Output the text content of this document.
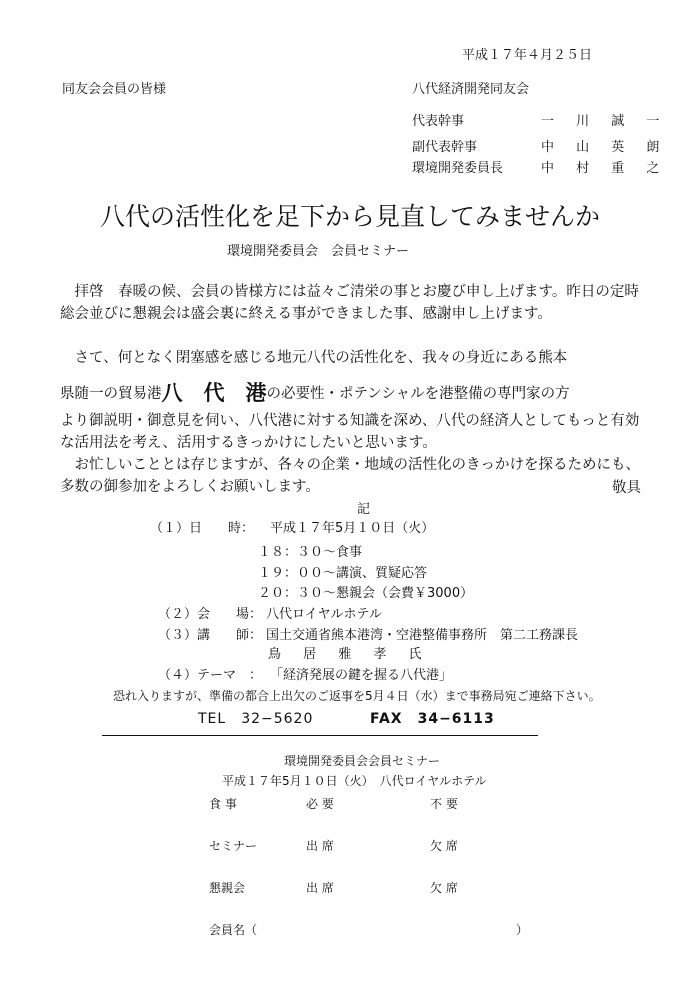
平成１７年４月２５日
同友会会員の皆様	八代経済開発同友会
代表幹事	一 川 誠 一
副代表幹事	中 山 英 朗
環境開発委員長	中 村 重 之
八代の活性化を足下から見直してみませんか
環境開発委員会　会員セミナー
　拝啓　春暖の候、会員の皆様方には益々ご清栄の事とお慶び申し上げます。昨日の定時総会並びに懇親会は盛会裏に終える事ができました事、感謝申し上げます。
　さて、何となく閉塞感を感じる地元八代の活性化を、我々の身近にある熊本
県随一の貿易港八　代　港の必要性・ポテンシャルを港整備の専門家の方
より御説明・御意見を伺い、八代港に対する知識を深め、八代の経済人としてもっと有効な活用法を考え、活用するきっかけにしたいと思います。
　お忙しいこととは存じますが、各々の企業・地域の活性化のきっかけを探るためにも、多数の御参加をよろしくお願いします。	敬具
記
（１）日　　時： 平成１７年5月１０日（火）
１８：３０～食事
１９：００～講演、質疑応答
２０：３０～懇親会（会費￥3000）
（２）会　　場： 八代ロイヤルホテル
（３）講　　師： 国土交通省熊本港湾・空港整備事務所　第二工務課長
鳥 居 雅 孝 氏
（４）テーマ　： 「経済発展の鍵を握る八代港」
恐れ入りますが、準備の都合上出欠のご返事を5月４日（水）まで事務局宛ご連絡下さい。
TEL　32−5620	FAX　34−6113
環境開発委員会会員セミナー
平成１７年5月１０日（火）　八代ロイヤルホテル
食 事	必 要	不 要
セミナー	出 席	欠 席
懇親会	出 席	欠 席
会員名（	）
